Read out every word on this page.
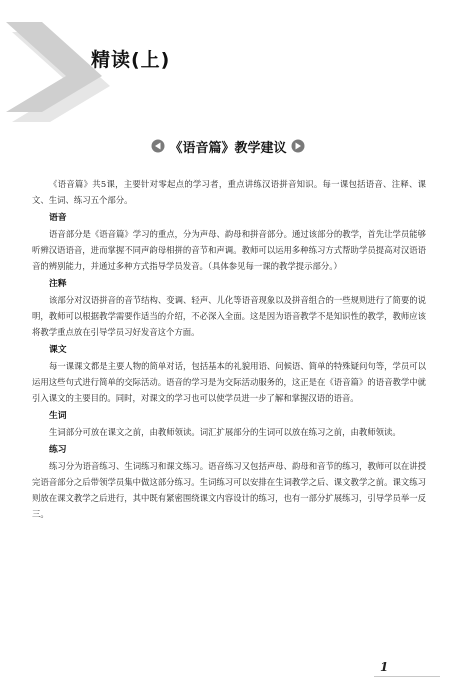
精读(上)
《语音篇》教学建议

《语音篇》共5课，主要针对零起点的学习者，重点讲练汉语拼音知识。每一课包括语音、注释、课文、生词、练习五个部分。

语音

语音部分是《语音篇》学习的重点，分为声母、韵母和拼音部分。通过该部分的教学，首先让学员能够听辨汉语语音，进而掌握不同声韵母相拼的音节和声调。教师可以运用多种练习方式帮助学员提高对汉语语音的辨别能力，并通过多种方式指导学员发音。（具体参见每一课的教学提示部分。）

注释

该部分对汉语拼音的音节结构、变调、轻声、儿化等语音现象以及拼音组合的一些规则进行了简要的说明，教师可以根据教学需要作适当的介绍，不必深入全面。这是因为语音教学不是知识性的教学，教师应该将教学重点放在引导学员习好发音这个方面。

课文

每一课课文都是主要人物的简单对话，包括基本的礼貌用语、问候语、简单的特殊疑问句等，学员可以运用这些句式进行简单的交际活动。语音的学习是为交际活动服务的，这正是在《语音篇》的语音教学中就引入课文的主要目的。同时，对课文的学习也可以使学员进一步了解和掌握汉语的语音。

生词

生词部分可放在课文之前，由教师领读。词汇扩展部分的生词可以放在练习之前，由教师领读。

练习

练习分为语音练习、生词练习和课文练习。语音练习又包括声母、韵母和音节的练习，教师可以在讲授完语音部分之后带领学员集中做这部分练习。生词练习可以安排在生词教学之后、课文教学之前。课文练习则放在课文教学之后进行，其中既有紧密围绕课文内容设计的练习，也有一部分扩展练习，引导学员举一反三。

1
